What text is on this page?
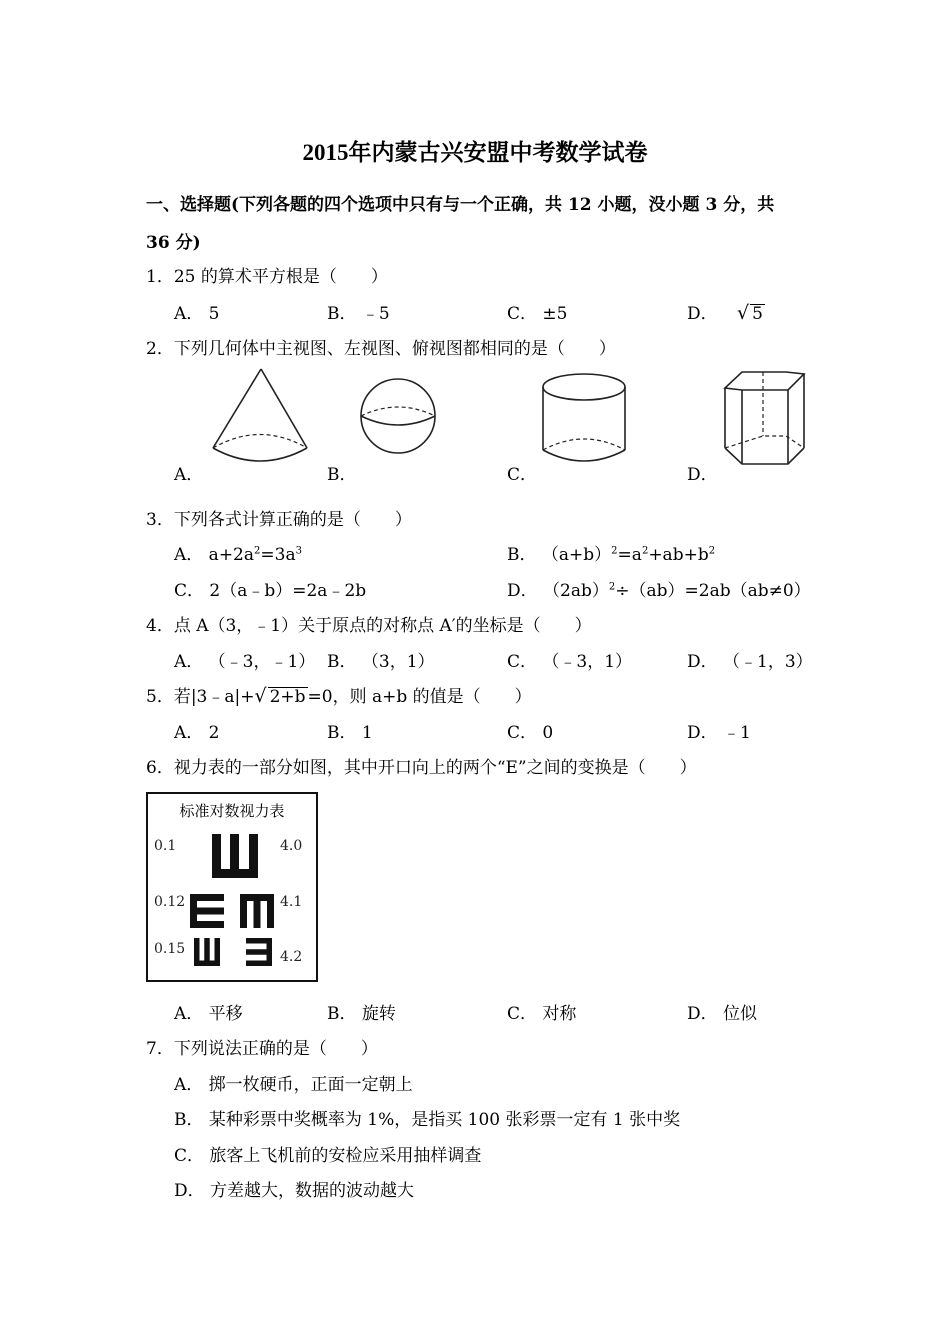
2015年内蒙古兴安盟中考数学试卷
一、选择题(下列各题的四个选项中只有与一个正确，共 12 小题，没小题 3 分，共
36 分)
1．25 的算术平方根是（　　）
A． 5	B． ﹣5	C． ±5	D． √ 5
2．下列几何体中主视图、左视图、俯视图都相同的是（　　）
A．	B．	C．	D．
3．下列各式计算正确的是（　　）
A． $a+2a^2=3a^3$	B． $(a+b)^2=a^2+ab+b^2$
C． 2（a﹣b）=2a﹣2b	D． $(2ab)^2\div(ab)=2ab(ab\ne 0)$
4．点 A（3，﹣1）关于原点的对称点 A′的坐标是（　　）
A． （﹣3，﹣1） B． （3，1）	C． （﹣3，1）	D． （﹣1，3）
5．若|3﹣a|+√ 2+b =0，则 a+b 的值是（　　）
A． 2	B． 1	C． 0	D． ﹣1
6．视力表的一部分如图，其中开口向上的两个“E”之间的变换是（　　）
标准对数视力表
0.1
0.12
0.15
4.0
4.1
4.2
A． 平移	B． 旋转	C． 对称	D． 位似
7．下列说法正确的是（　　）
A． 掷一枚硬币，正面一定朝上
B． 某种彩票中奖概率为 1%，是指买 100 张彩票一定有 1 张中奖
C． 旅客上飞机前的安检应采用抽样调查
D． 方差越大，数据的波动越大
